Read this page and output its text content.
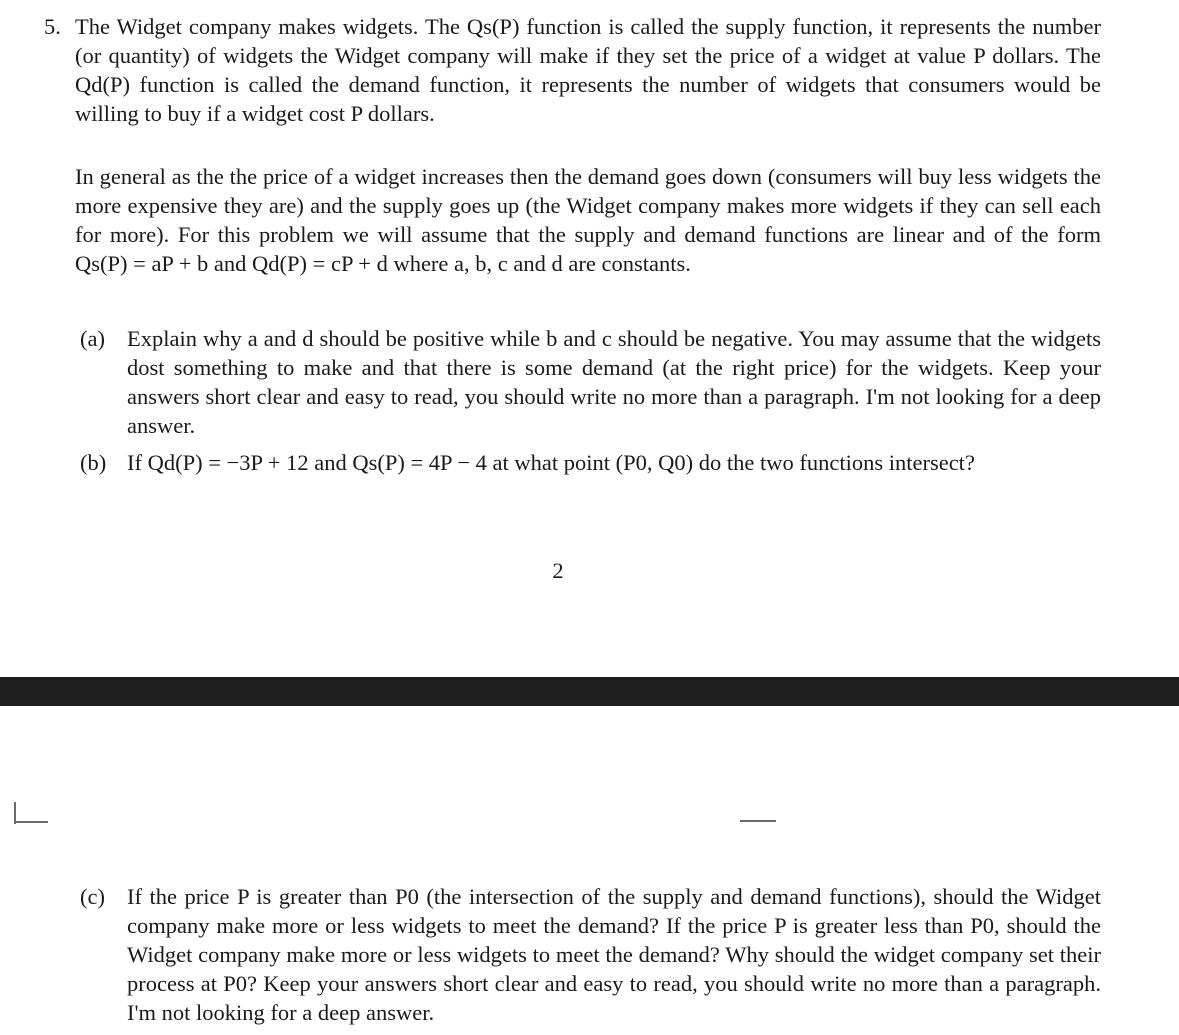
5. The Widget company makes widgets. The Qs(P) function is called the supply function, it represents the number (or quantity) of widgets the Widget company will make if they set the price of a widget at value P dollars. The Qd(P) function is called the demand function, it represents the number of widgets that consumers would be willing to buy if a widget cost P dollars.

In general as the the price of a widget increases then the demand goes down (consumers will buy less widgets the more expensive they are) and the supply goes up (the Widget company makes more widgets if they can sell each for more). For this problem we will assume that the supply and demand functions are linear and of the form Qs(P) = aP + b and Qd(P) = cP + d where a, b, c and d are constants.

(a) Explain why a and d should be positive while b and c should be negative. You may assume that the widgets dost something to make and that there is some demand (at the right price) for the widgets. Keep your answers short clear and easy to read, you should write no more than a paragraph. I'm not looking for a deep answer.

(b) If Qd(P) = −3P + 12 and Qs(P) = 4P − 4 at what point (P0, Q0) do the two functions intersect?

2
(c) If the price P is greater than P0 (the intersection of the supply and demand functions), should the Widget company make more or less widgets to meet the demand? If the price P is greater less than P0, should the Widget company make more or less widgets to meet the demand? Why should the widget company set their process at P0? Keep your answers short clear and easy to read, you should write no more than a paragraph. I'm not looking for a deep answer.
